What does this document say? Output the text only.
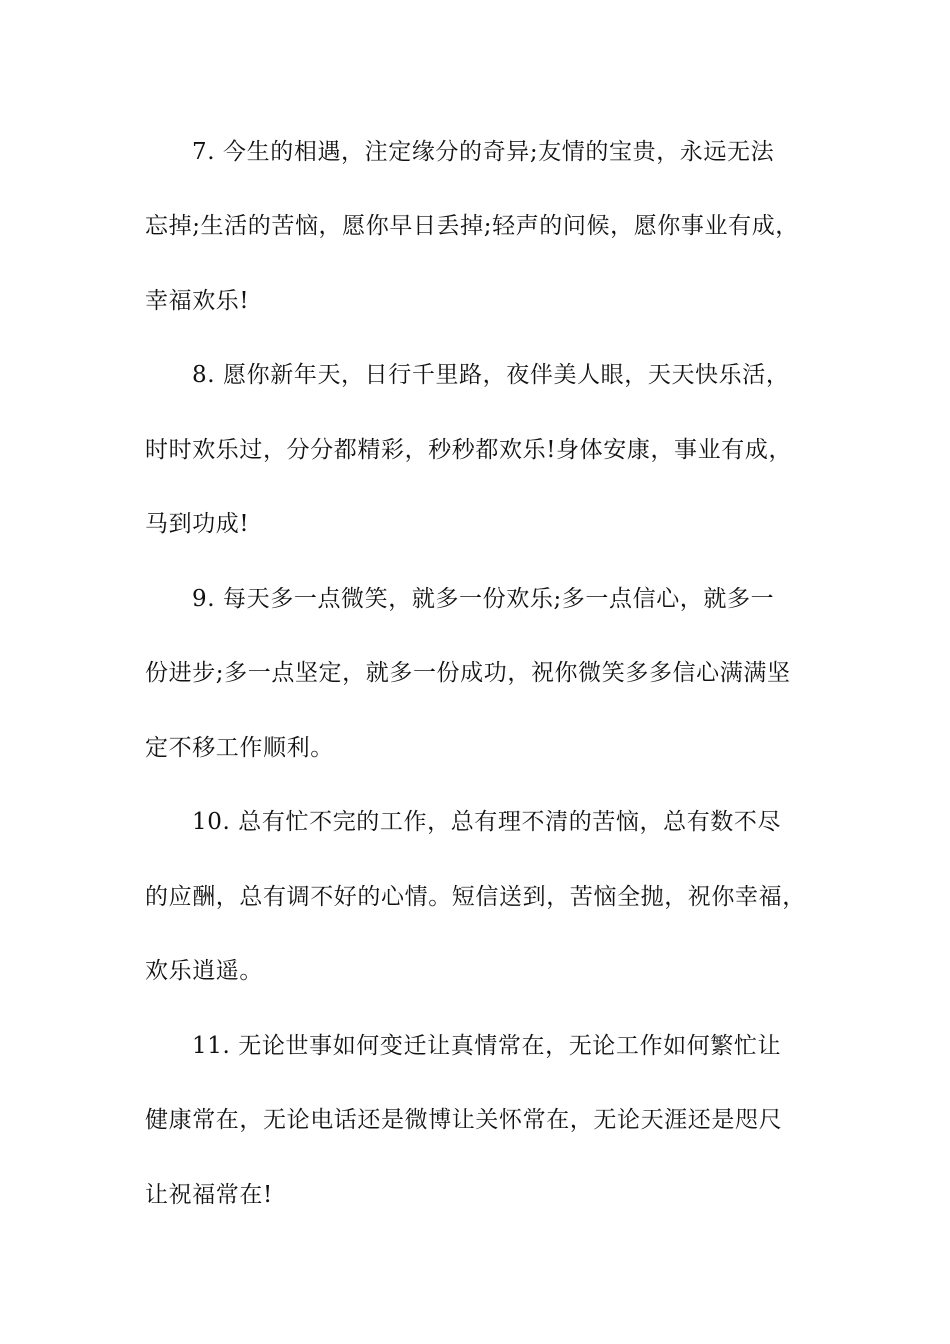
7. 今生的相遇，注定缘分的奇异;友情的宝贵，永远无法
忘掉;生活的苦恼，愿你早日丢掉;轻声的问候，愿你事业有成，
幸福欢乐!
8. 愿你新年天，日行千里路，夜伴美人眼，天天快乐活，
时时欢乐过，分分都精彩，秒秒都欢乐!身体安康，事业有成，
马到功成!
9. 每天多一点微笑，就多一份欢乐;多一点信心，就多一
份进步;多一点坚定，就多一份成功，祝你微笑多多信心满满坚
定不移工作顺利。
10. 总有忙不完的工作，总有理不清的苦恼，总有数不尽
的应酬，总有调不好的心情。短信送到，苦恼全抛，祝你幸福，
欢乐逍遥。
11. 无论世事如何变迁让真情常在，无论工作如何繁忙让
健康常在，无论电话还是微博让关怀常在，无论天涯还是咫尺
让祝福常在!
